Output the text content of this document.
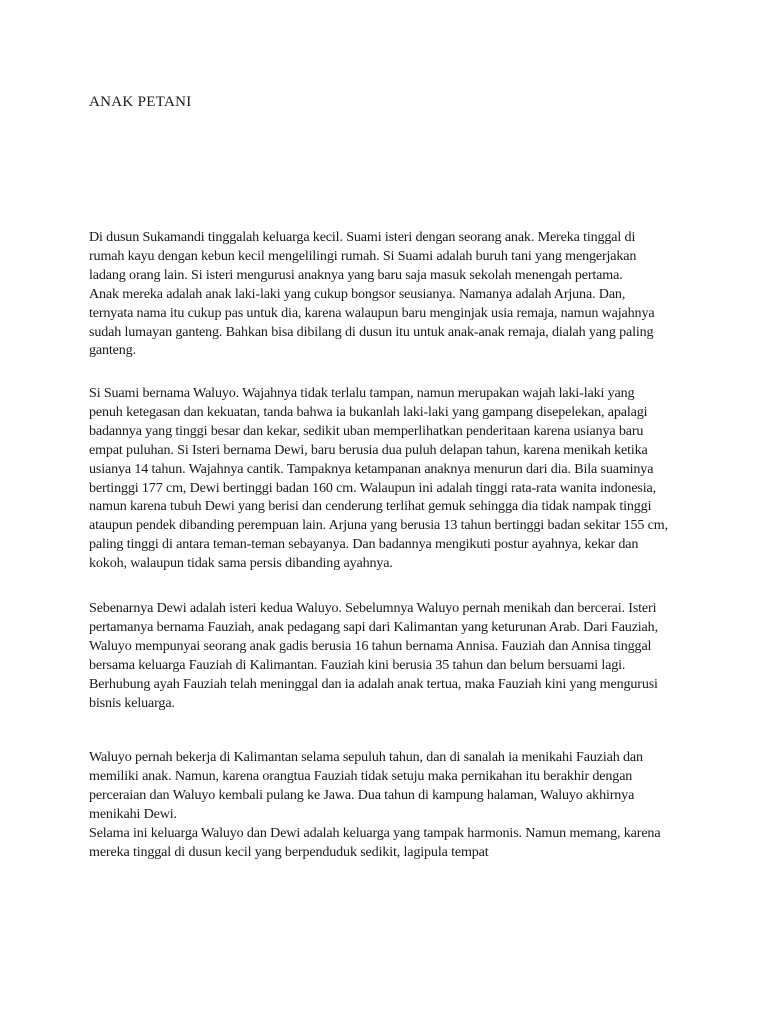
ANAK PETANI

Di dusun Sukamandi tinggalah keluarga kecil. Suami isteri dengan seorang anak. Mereka tinggal di
rumah kayu dengan kebun kecil mengelilingi rumah. Si Suami adalah buruh tani yang mengerjakan
ladang orang lain. Si isteri mengurusi anaknya yang baru saja masuk sekolah menengah pertama.
Anak mereka adalah anak laki-laki yang cukup bongsor seusianya. Namanya adalah Arjuna. Dan,
ternyata nama itu cukup pas untuk dia, karena walaupun baru menginjak usia remaja, namun wajahnya
sudah lumayan ganteng. Bahkan bisa dibilang di dusun itu untuk anak-anak remaja, dialah yang paling
ganteng.

Si Suami bernama Waluyo. Wajahnya tidak terlalu tampan, namun merupakan wajah laki-laki yang
penuh ketegasan dan kekuatan, tanda bahwa ia bukanlah laki-laki yang gampang disepelekan, apalagi
badannya yang tinggi besar dan kekar, sedikit uban memperlihatkan penderitaan karena usianya baru
empat puluhan. Si Isteri bernama Dewi, baru berusia dua puluh delapan tahun, karena menikah ketika
usianya 14 tahun. Wajahnya cantik. Tampaknya ketampanan anaknya menurun dari dia. Bila suaminya
bertinggi 177 cm, Dewi bertinggi badan 160 cm. Walaupun ini adalah tinggi rata-rata wanita indonesia,
namun karena tubuh Dewi yang berisi dan cenderung terlihat gemuk sehingga dia tidak nampak tinggi
ataupun pendek dibanding perempuan lain. Arjuna yang berusia 13 tahun bertinggi badan sekitar 155 cm,
paling tinggi di antara teman-teman sebayanya. Dan badannya mengikuti postur ayahnya, kekar dan
kokoh, walaupun tidak sama persis dibanding ayahnya.

Sebenarnya Dewi adalah isteri kedua Waluyo. Sebelumnya Waluyo pernah menikah dan bercerai. Isteri
pertamanya bernama Fauziah, anak pedagang sapi dari Kalimantan yang keturunan Arab. Dari Fauziah,
Waluyo mempunyai seorang anak gadis berusia 16 tahun bernama Annisa. Fauziah dan Annisa tinggal
bersama keluarga Fauziah di Kalimantan. Fauziah kini berusia 35 tahun dan belum bersuami lagi.
Berhubung ayah Fauziah telah meninggal dan ia adalah anak tertua, maka Fauziah kini yang mengurusi
bisnis keluarga.

Waluyo pernah bekerja di Kalimantan selama sepuluh tahun, dan di sanalah ia menikahi Fauziah dan
memiliki anak. Namun, karena orangtua Fauziah tidak setuju maka pernikahan itu berakhir dengan
perceraian dan Waluyo kembali pulang ke Jawa. Dua tahun di kampung halaman, Waluyo akhirnya
menikahi Dewi.
Selama ini keluarga Waluyo dan Dewi adalah keluarga yang tampak harmonis. Namun memang, karena
mereka tinggal di dusun kecil yang berpenduduk sedikit, lagipula tempat
